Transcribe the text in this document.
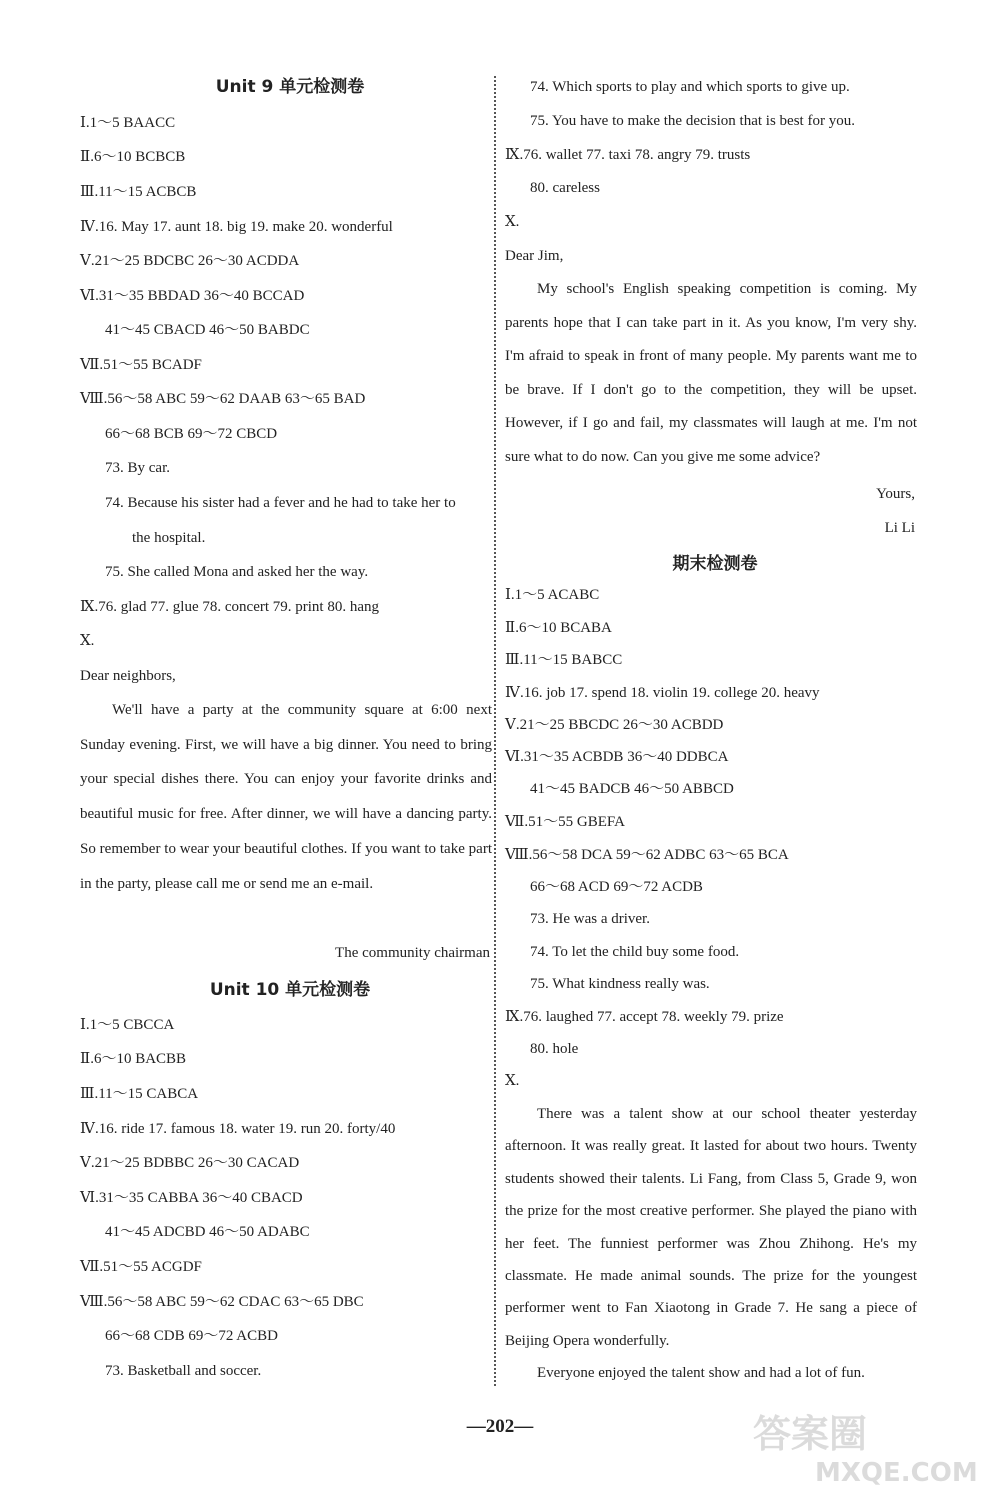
Unit 9 单元检测卷
Ⅰ.1～5 BAACC
Ⅱ.6～10 BCBCB
Ⅲ.11～15 ACBCB
Ⅳ.16. May 17. aunt 18. big 19. make 20. wonderful
Ⅴ.21～25 BDCBC 26～30 ACDDA
Ⅵ.31～35 BBDAD 36～40 BCCAD
41～45 CBACD 46～50 BABDC
Ⅶ.51～55 BCADF
Ⅷ.56～58 ABC 59～62 DAAB 63～65 BAD
66～68 BCB 69～72 CBCD
73. By car.
74. Because his sister had a fever and he had to take her to
the hospital.
75. She called Mona and asked her the way.
Ⅸ.76. glad 77. glue 78. concert 79. print 80. hang
Ⅹ.
Dear neighbors,
We'll have a party at the community square at 6:00 next Sunday evening. First, we will have a big dinner. You need to bring your special dishes there. You can enjoy your favorite drinks and beautiful music for free. After dinner, we will have a dancing party. So remember to wear your beautiful clothes. If you want to take part in the party, please call me or send me an e-mail.
The community chairman
Unit 10 单元检测卷
Ⅰ.1～5 CBCCA
Ⅱ.6～10 BACBB
Ⅲ.11～15 CABCA
Ⅳ.16. ride 17. famous 18. water 19. run 20. forty/40
Ⅴ.21～25 BDBBC 26～30 CACAD
Ⅵ.31～35 CABBA 36～40 CBACD
41～45 ADCBD 46～50 ADABC
Ⅶ.51～55 ACGDF
Ⅷ.56～58 ABC 59～62 CDAC 63～65 DBC
66～68 CDB 69～72 ACBD
73. Basketball and soccer.
74. Which sports to play and which sports to give up.
75. You have to make the decision that is best for you.
Ⅸ.76. wallet 77. taxi 78. angry 79. trusts
80. careless
Ⅹ.
Dear Jim,
My school's English speaking competition is coming. My parents hope that I can take part in it. As you know, I'm very shy. I'm afraid to speak in front of many people. My parents want me to be brave. If I don't go to the competition, they will be upset. However, if I go and fail, my classmates will laugh at me. I'm not sure what to do now. Can you give me some advice?
Yours,
Li Li
期末检测卷
Ⅰ.1～5 ACABC
Ⅱ.6～10 BCABA
Ⅲ.11～15 BABCC
Ⅳ.16. job 17. spend 18. violin 19. college 20. heavy
Ⅴ.21～25 BBCDC 26～30 ACBDD
Ⅵ.31～35 ACBDB 36～40 DDBCA
41～45 BADCB 46～50 ABBCD
Ⅶ.51～55 GBEFA
Ⅷ.56～58 DCA 59～62 ADBC 63～65 BCA
66～68 ACD 69～72 ACDB
73. He was a driver.
74. To let the child buy some food.
75. What kindness really was.
Ⅸ.76. laughed 77. accept 78. weekly 79. prize
80. hole
Ⅹ.
There was a talent show at our school theater yesterday afternoon. It was really great. It lasted for about two hours. Twenty students showed their talents. Li Fang, from Class 5, Grade 9, won the prize for the most creative performer. She played the piano with her feet. The funniest performer was Zhou Zhihong. He's my classmate. He made animal sounds. The prize for the youngest performer went to Fan Xiaotong in Grade 7. He sang a piece of Beijing Opera wonderfully.
Everyone enjoyed the talent show and had a lot of fun.
—202—	答案圈
MXQE.COM
